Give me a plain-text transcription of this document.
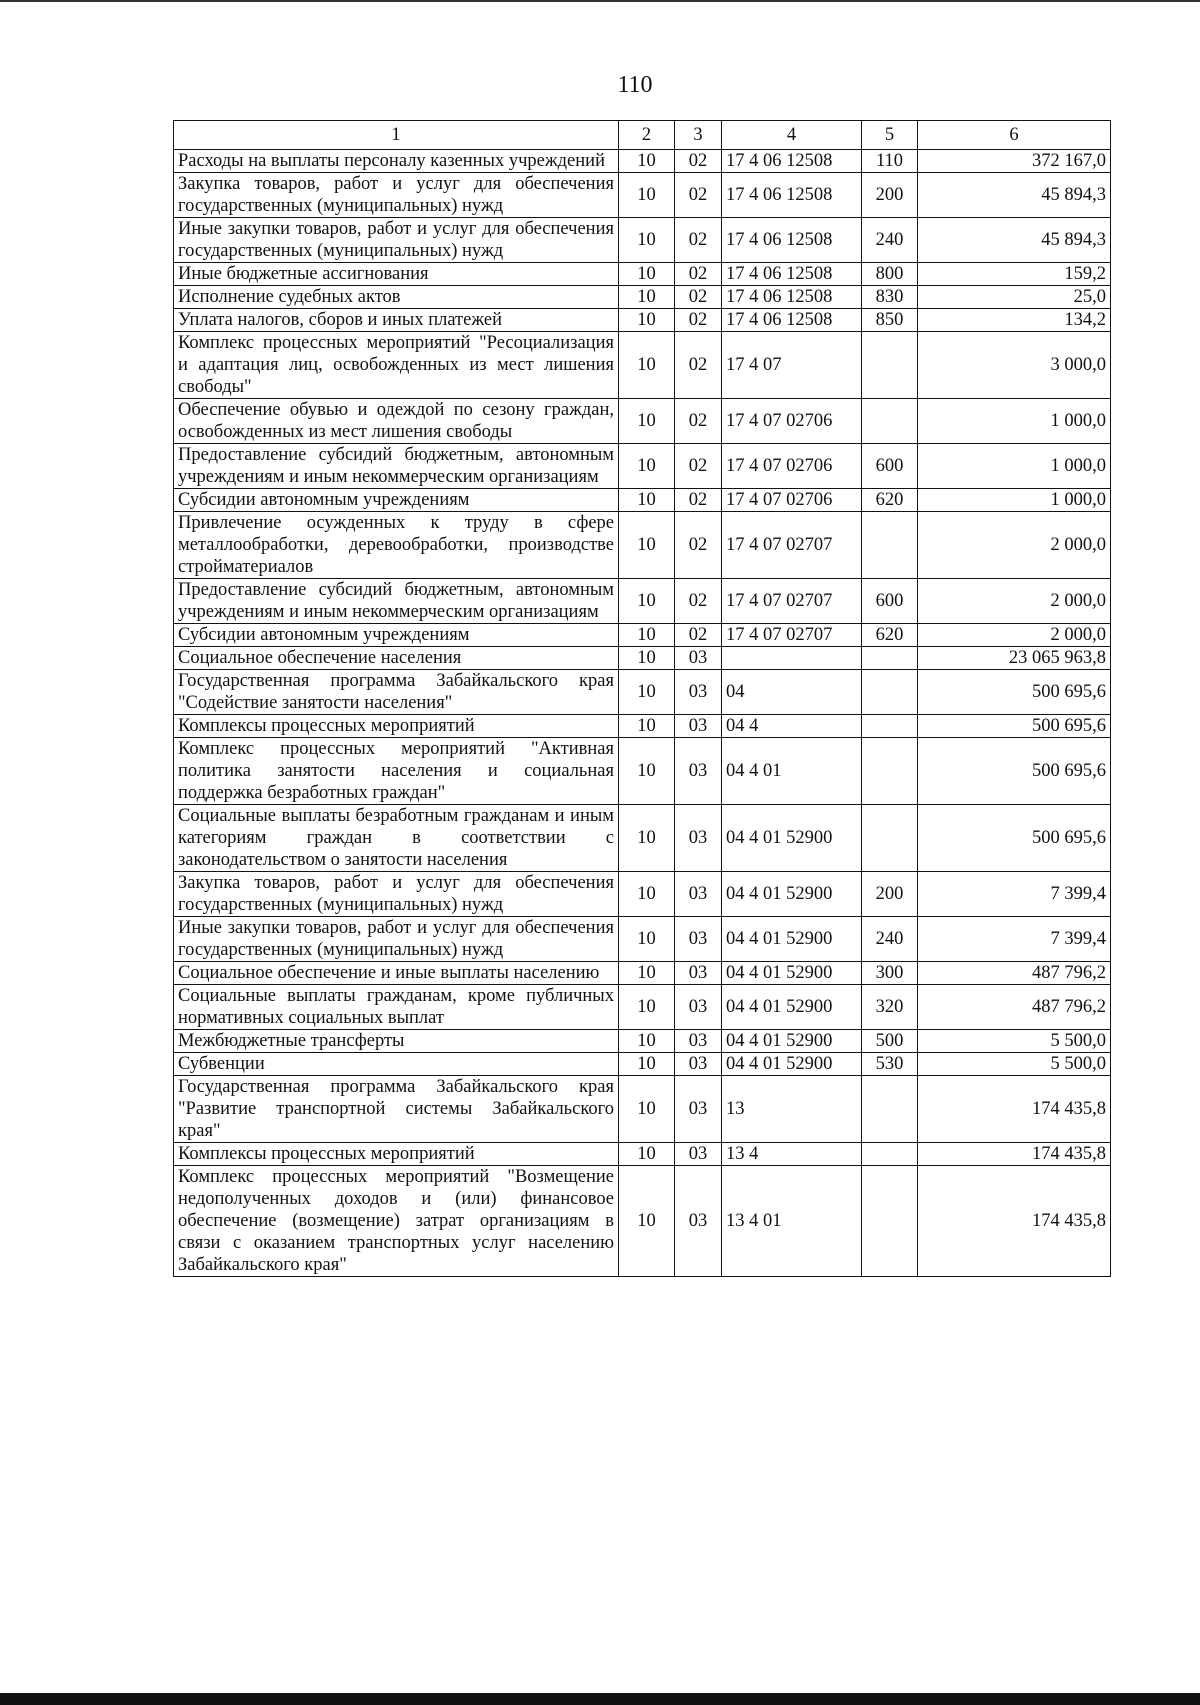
110
1	2	3	4	5	6
Расходы на выплаты персоналу казенных учреждений	10	02	17 4 06 12508	110	372 167,0
Закупка товаров, работ и услуг для обеспечения государственных (муниципальных) нужд	10	02	17 4 06 12508	200	45 894,3
Иные закупки товаров, работ и услуг для обеспечения государственных (муниципальных) нужд	10	02	17 4 06 12508	240	45 894,3
Иные бюджетные ассигнования	10	02	17 4 06 12508	800	159,2
Исполнение судебных актов	10	02	17 4 06 12508	830	25,0
Уплата налогов, сборов и иных платежей	10	02	17 4 06 12508	850	134,2
Комплекс процессных мероприятий "Ресоциализация и адаптация лиц, освобожденных из мест лишения свободы"	10	02	17 4 07		3 000,0
Обеспечение обувью и одеждой по сезону граждан, освобожденных из мест лишения свободы	10	02	17 4 07 02706		1 000,0
Предоставление субсидий бюджетным, автономным учреждениям и иным некоммерческим организациям	10	02	17 4 07 02706	600	1 000,0
Субсидии автономным учреждениям	10	02	17 4 07 02706	620	1 000,0
Привлечение осужденных к труду в сфере металлообработки, деревообработки, производстве стройматериалов	10	02	17 4 07 02707		2 000,0
Предоставление субсидий бюджетным, автономным учреждениям и иным некоммерческим организациям	10	02	17 4 07 02707	600	2 000,0
Субсидии автономным учреждениям	10	02	17 4 07 02707	620	2 000,0
Социальное обеспечение населения	10	03			23 065 963,8
Государственная программа Забайкальского края "Содействие занятости населения"	10	03	04		500 695,6
Комплексы процессных мероприятий	10	03	04 4		500 695,6
Комплекс процессных мероприятий "Активная политика занятости населения и социальная поддержка безработных граждан"	10	03	04 4 01		500 695,6
Социальные выплаты безработным гражданам и иным категориям граждан в соответствии с законодательством о занятости населения	10	03	04 4 01 52900		500 695,6
Закупка товаров, работ и услуг для обеспечения государственных (муниципальных) нужд	10	03	04 4 01 52900	200	7 399,4
Иные закупки товаров, работ и услуг для обеспечения государственных (муниципальных) нужд	10	03	04 4 01 52900	240	7 399,4
Социальное обеспечение и иные выплаты населению	10	03	04 4 01 52900	300	487 796,2
Социальные выплаты гражданам, кроме публичных нормативных социальных выплат	10	03	04 4 01 52900	320	487 796,2
Межбюджетные трансферты	10	03	04 4 01 52900	500	5 500,0
Субвенции	10	03	04 4 01 52900	530	5 500,0
Государственная программа Забайкальского края "Развитие транспортной системы Забайкальского края"	10	03	13		174 435,8
Комплексы процессных мероприятий	10	03	13 4		174 435,8
Комплекс процессных мероприятий "Возмещение недополученных доходов и (или) финансовое обеспечение (возмещение) затрат организациям в связи с оказанием транспортных услуг населению Забайкальского края"	10	03	13 4 01		174 435,8
